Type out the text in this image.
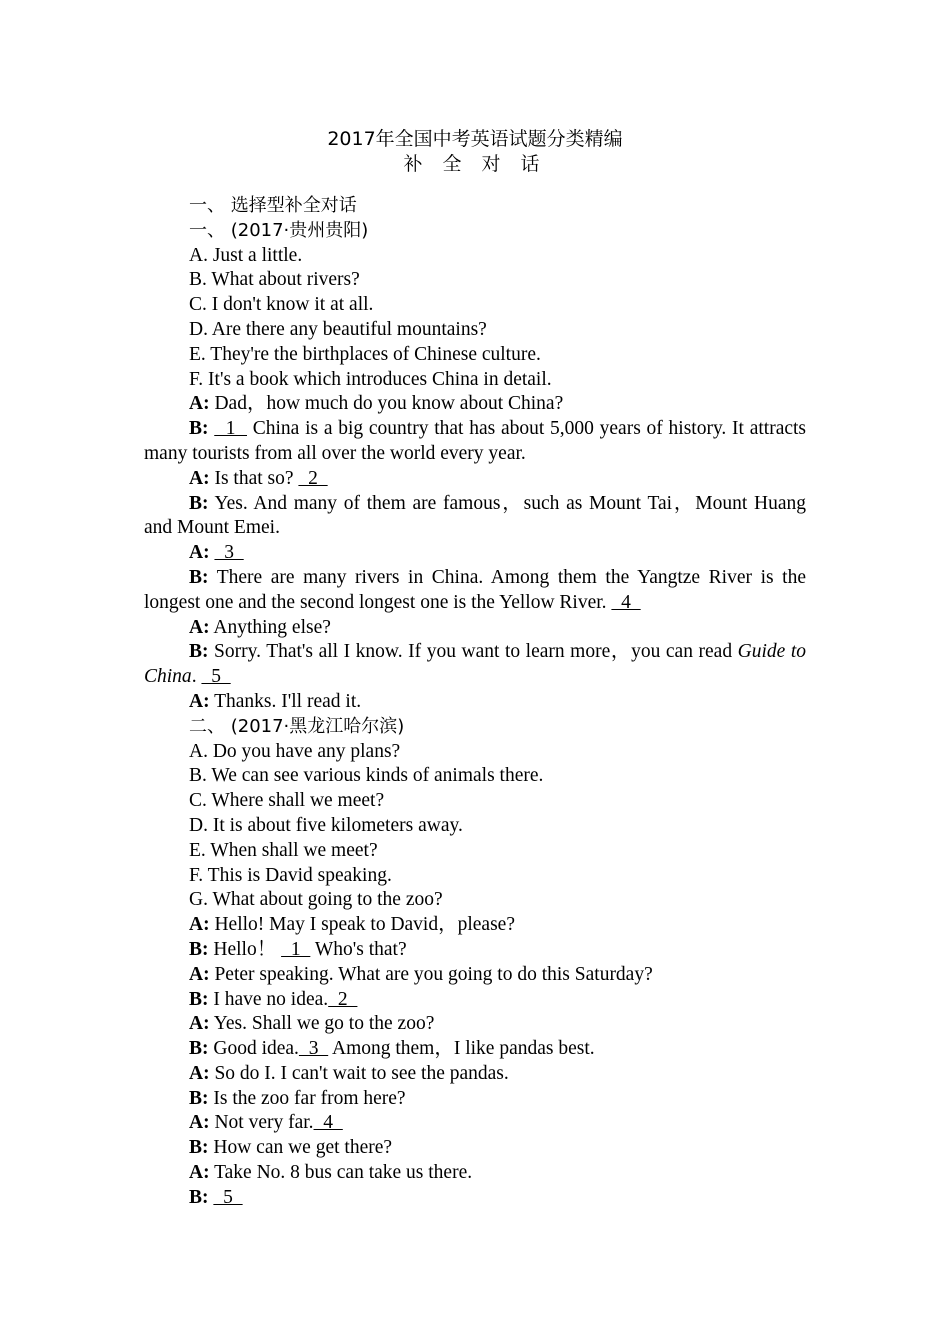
2017年全国中考英语试题分类精编
补 全 对 话
一、 选择型补全对话
一、 (2017·贵州贵阳)
A. Just a little.
B. What about rivers?
C. I don't know it at all.
D. Are there any beautiful mountains?
E. They're the birthplaces of Chinese culture.
F. It's a book which introduces China in detail.
A: Dad，how much do you know about China?
B:   1   China is a big country that has about 5,000 years of history. It attracts many tourists from all over the world every year.
A: Is that so?   2
B: Yes. And many of them are famous，such as Mount Tai，Mount Huang and Mount Emei.
A:   3
B: There are many rivers in China. Among them the Yangtze River is the longest one and the second longest one is the Yellow River.   4
A: Anything else?
B: Sorry. That's all I know. If you want to learn more，you can read Guide to China.   5
A: Thanks. I'll read it.
二、 (2017·黑龙江哈尔滨)
A. Do you have any plans?
B. We can see various kinds of animals there.
C. Where shall we meet?
D. It is about five kilometers away.
E. When shall we meet?
F. This is David speaking.
G. What about going to the zoo?
A: Hello! May I speak to David，please?
B: Hello！   1   Who's that?
A: Peter speaking. What are you going to do this Saturday?
B: I have no idea.  2
A: Yes. Shall we go to the zoo?
B: Good idea.  3   Among them，I like pandas best.
A: So do I. I can't wait to see the pandas.
B: Is the zoo far from here?
A: Not very far.  4
B: How can we get there?
A: Take No. 8 bus can take us there.
B:   5
